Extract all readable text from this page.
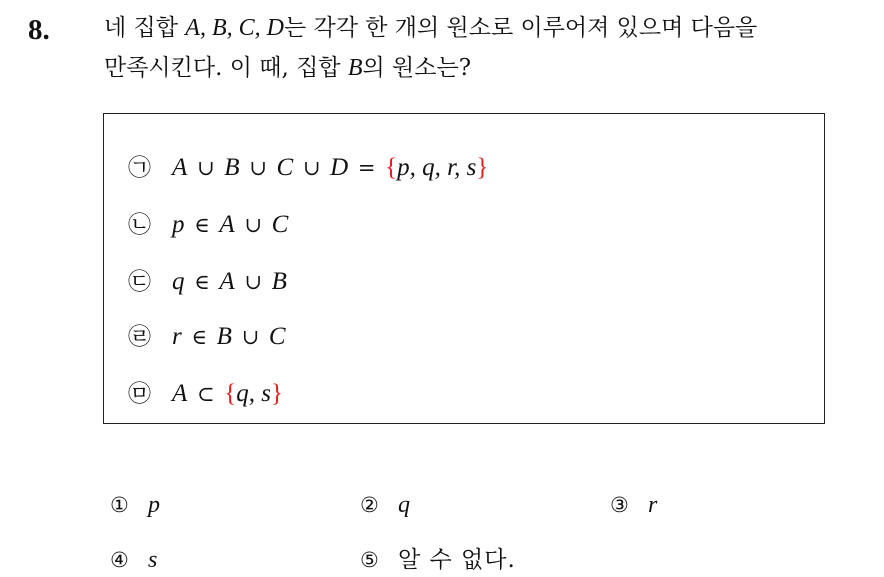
8. 네 집합 A, B, C, D는 각각 한 개의 원소로 이루어져 있으며 다음을
만족시킨다. 이 때, 집합 B의 원소는?
㉠ A ∪ B ∪ C ∪ D = {p, q, r, s}
㉡ p ∈ A ∪ C
㉢ q ∈ A ∪ B
㉣ r ∈ B ∪ C
㉤ A ⊂ {q, s}
① p	② q	③ r
④ s	⑤ 알 수 없다.
